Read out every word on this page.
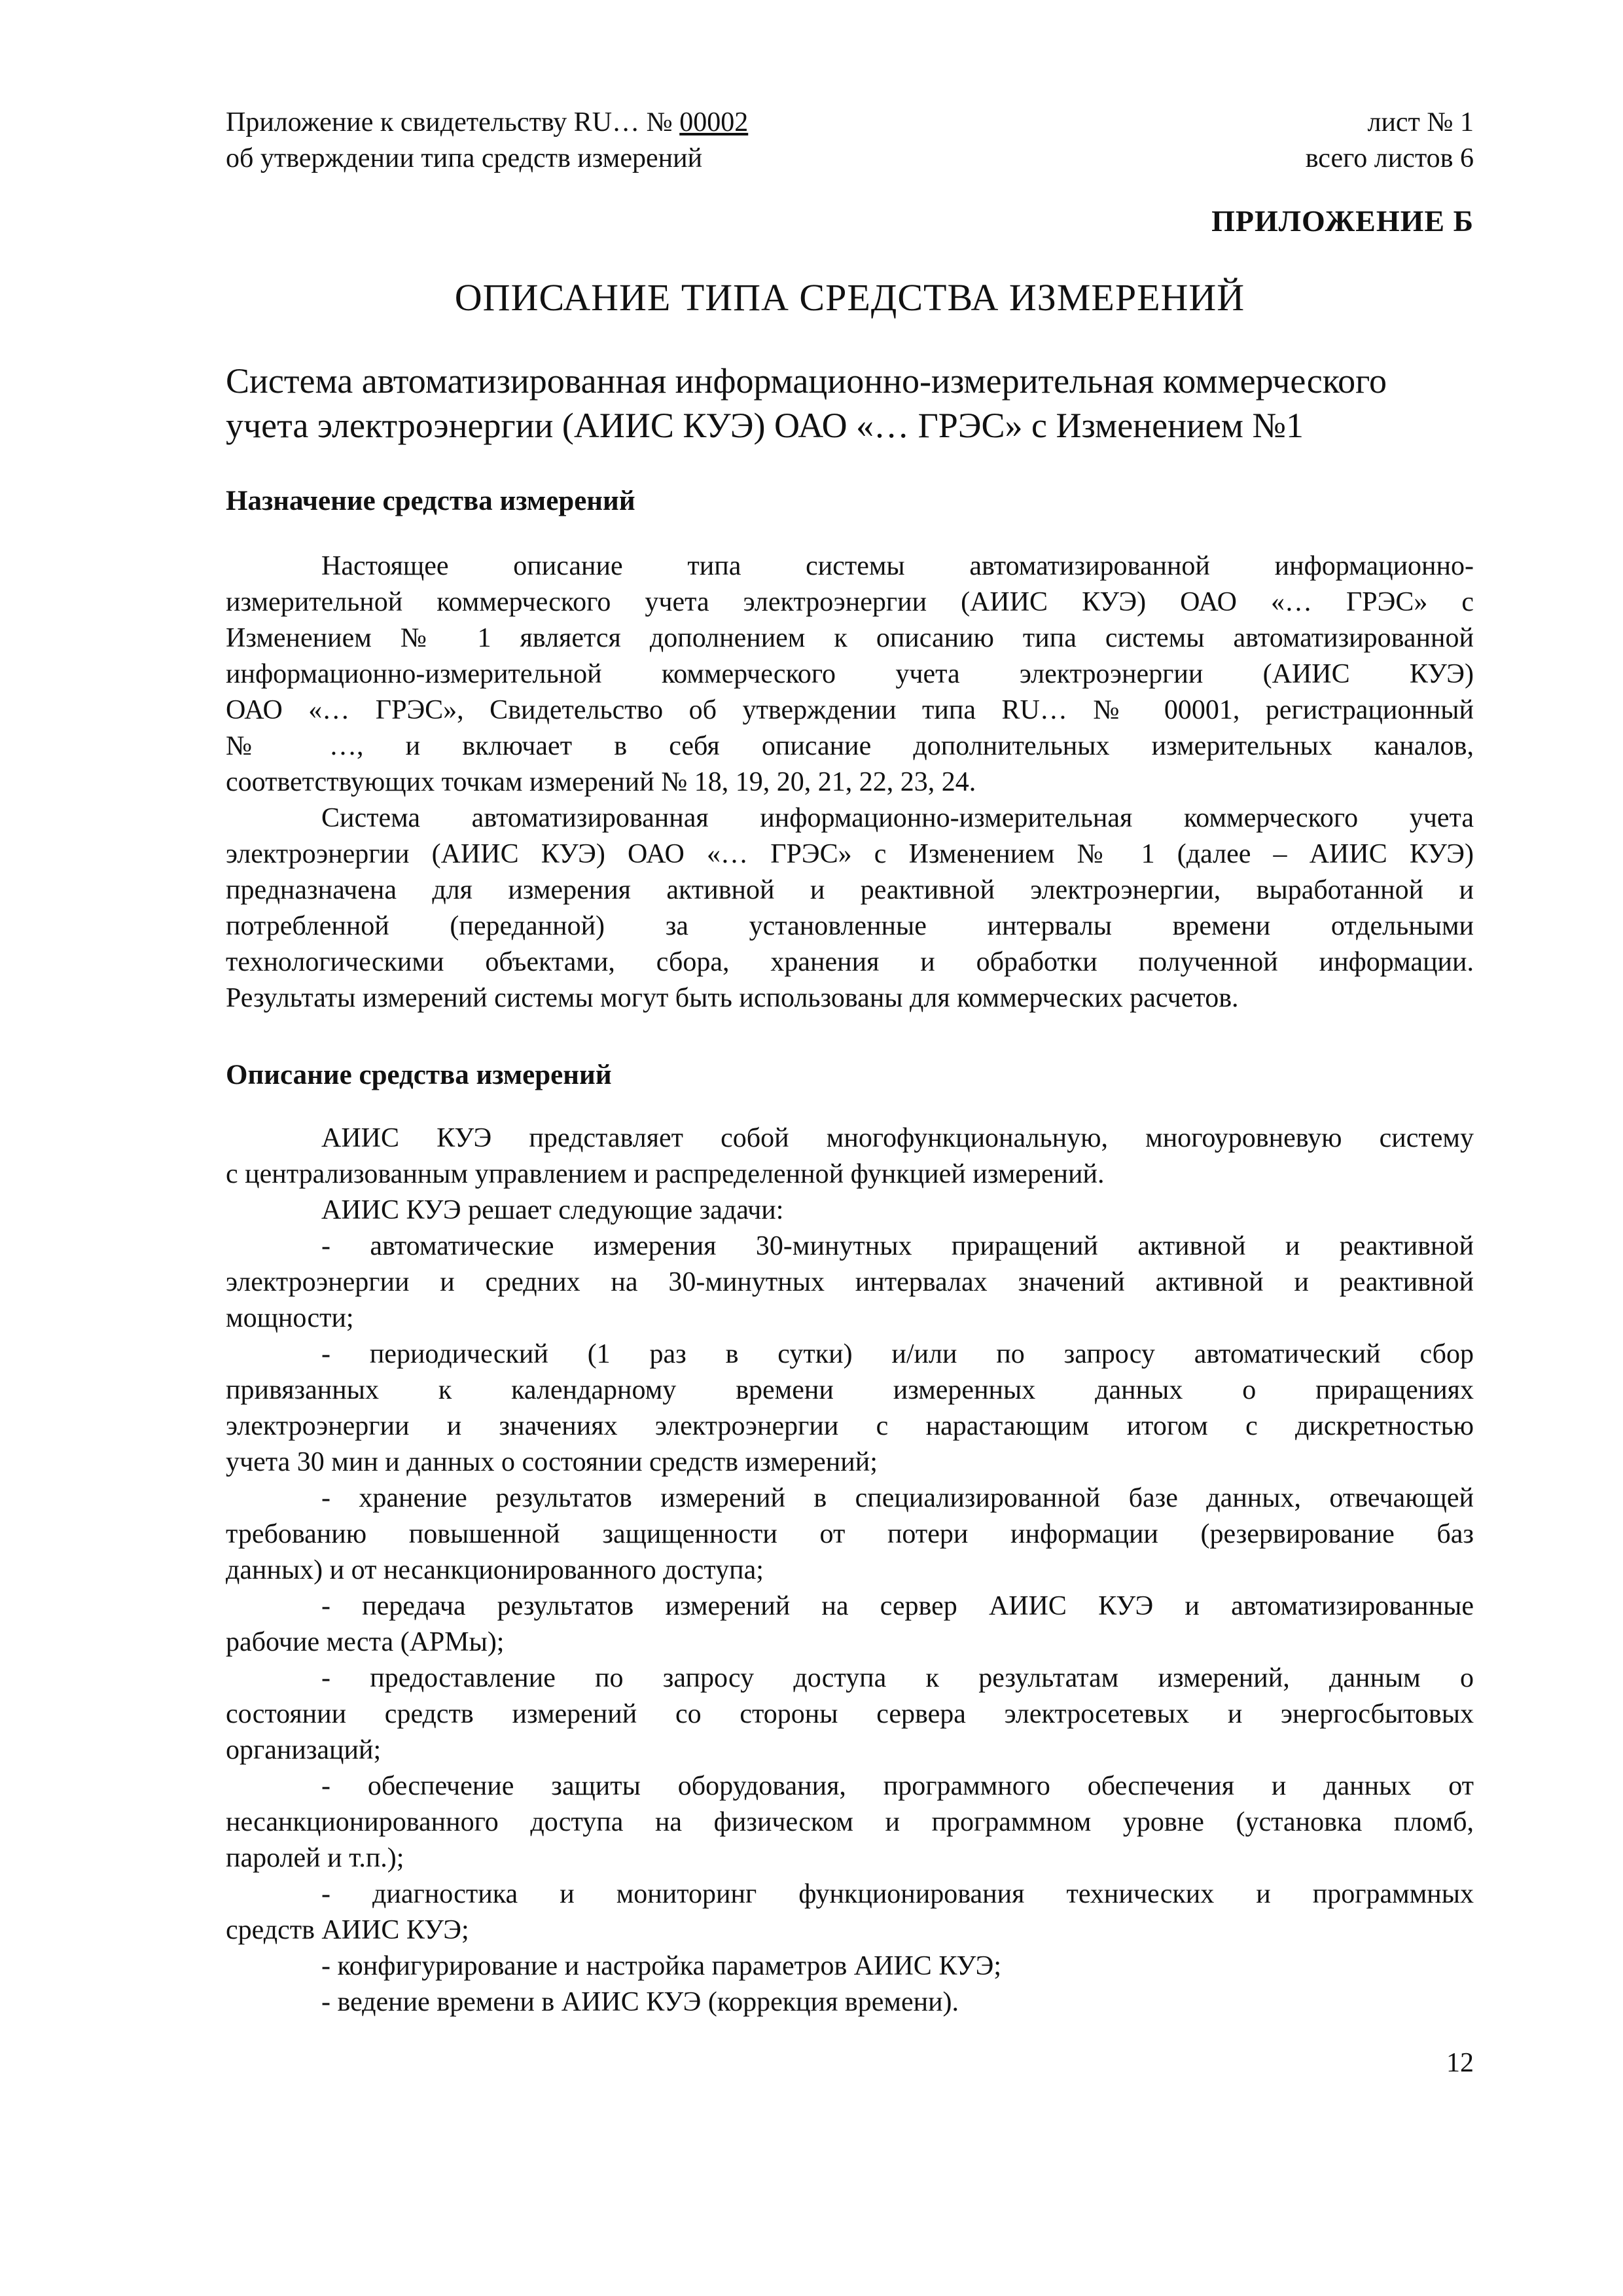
Приложение к свидетельству RU… № 00002
об утверждении типа средств измерений
лист № 1
всего листов 6
ПРИЛОЖЕНИЕ Б
ОПИСАНИЕ ТИПА СРЕДСТВА ИЗМЕРЕНИЙ
Система автоматизированная информационно-измерительная коммерческого
учета электроэнергии (АИИС КУЭ) ОАО «… ГРЭС» с Изменением №1
Назначение средства измерений
Настоящее описание типа системы автоматизированной информационно-
измерительной коммерческого учета электроэнергии (АИИС КУЭ) ОАО «… ГРЭС» с
Изменением № 1 является дополнением к описанию типа системы автоматизированной
информационно-измерительной коммерческого учета электроэнергии (АИИС КУЭ)
ОАО «… ГРЭС», Свидетельство об утверждении типа RU… № 00001, регистрационный
№ …, и включает в себя описание дополнительных измерительных каналов,
соответствующих точкам измерений № 18, 19, 20, 21, 22, 23, 24.
Система автоматизированная информационно-измерительная коммерческого учета
электроэнергии (АИИС КУЭ) ОАО «… ГРЭС» с Изменением № 1 (далее – АИИС КУЭ)
предназначена для измерения активной и реактивной электроэнергии, выработанной и
потребленной (переданной) за установленные интервалы времени отдельными
технологическими объектами, сбора, хранения и обработки полученной информации.
Результаты измерений системы могут быть использованы для коммерческих расчетов.
Описание средства измерений
АИИС КУЭ представляет собой многофункциональную, многоуровневую систему
с централизованным управлением и распределенной функцией измерений.
АИИС КУЭ решает следующие задачи:
- автоматические измерения 30-минутных приращений активной и реактивной
электроэнергии и средних на 30-минутных интервалах значений активной и реактивной
мощности;
- периодический (1 раз в сутки) и/или по запросу автоматический сбор
привязанных к календарному времени измеренных данных о приращениях
электроэнергии и значениях электроэнергии с нарастающим итогом с дискретностью
учета 30 мин и данных о состоянии средств измерений;
- хранение результатов измерений в специализированной базе данных, отвечающей
требованию повышенной защищенности от потери информации (резервирование баз
данных) и от несанкционированного доступа;
- передача результатов измерений на сервер АИИС КУЭ и автоматизированные
рабочие места (АРМы);
- предоставление по запросу доступа к результатам измерений, данным о
состоянии средств измерений со стороны сервера электросетевых и энергосбытовых
организаций;
- обеспечение защиты оборудования, программного обеспечения и данных от
несанкционированного доступа на физическом и программном уровне (установка пломб,
паролей и т.п.);
- диагностика и мониторинг функционирования технических и программных
средств АИИС КУЭ;
- конфигурирование и настройка параметров АИИС КУЭ;
- ведение времени в АИИС КУЭ (коррекция времени).
12
